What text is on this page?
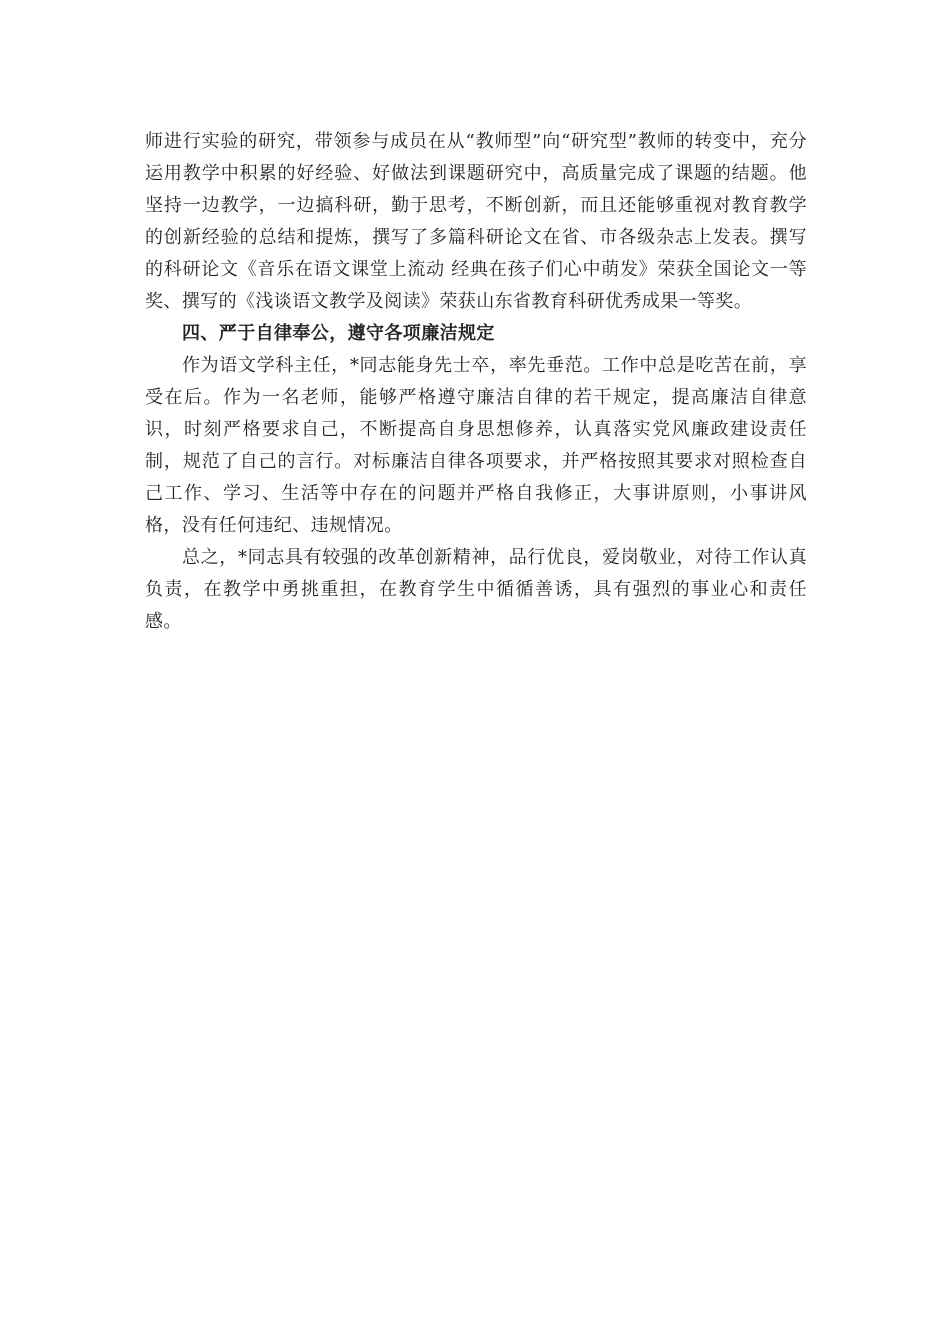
师进行实验的研究，带领参与成员在从“教师型”向“研究型”教师的转变中，充分运用教学中积累的好经验、好做法到课题研究中，高质量完成了课题的结题。他坚持一边教学，一边搞科研，勤于思考，不断创新，而且还能够重视对教育教学的创新经验的总结和提炼，撰写了多篇科研论文在省、市各级杂志上发表。撰写的科研论文《音乐在语文课堂上流动 经典在孩子们心中萌发》荣获全国论文一等奖、撰写的《浅谈语文教学及阅读》荣获山东省教育科研优秀成果一等奖。

四、严于自律奉公，遵守各项廉洁规定

作为语文学科主任，*同志能身先士卒，率先垂范。工作中总是吃苦在前，享受在后。作为一名老师，能够严格遵守廉洁自律的若干规定，提高廉洁自律意识，时刻严格要求自己，不断提高自身思想修养，认真落实党风廉政建设责任制，规范了自己的言行。对标廉洁自律各项要求，并严格按照其要求对照检查自己工作、学习、生活等中存在的问题并严格自我修正，大事讲原则，小事讲风格，没有任何违纪、违规情况。

总之，*同志具有较强的改革创新精神，品行优良，爱岗敬业，对待工作认真负责，在教学中勇挑重担，在教育学生中循循善诱，具有强烈的事业心和责任感。
